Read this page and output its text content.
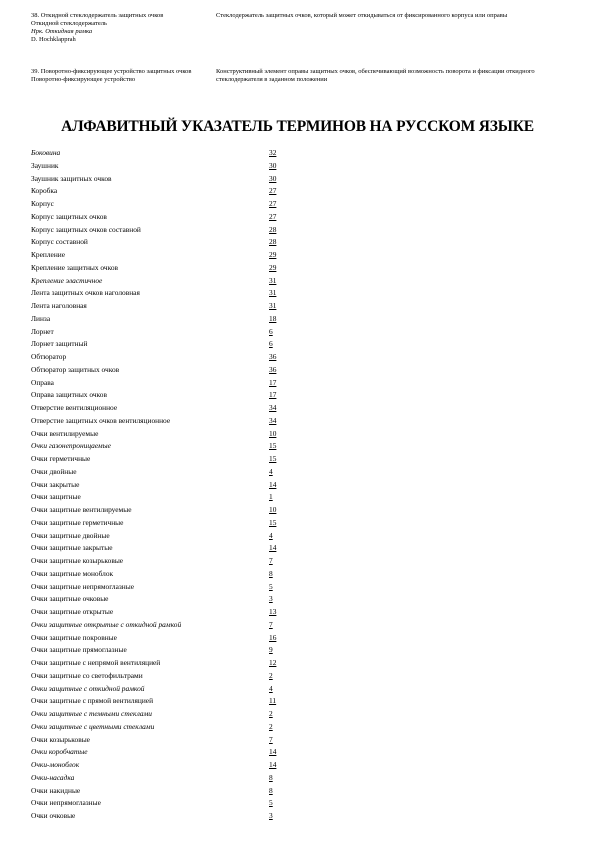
38. Откидной стеклодержатель защитных очков
Откидной стеклодержатель
Нрк. Откидная рамка
D. Hochklapprah
Стеклодержатель защитных очков, который может откидываться от фиксированного корпуса или оправы
39. Поворотно-фиксирующее устройство защитных очков
Поворотно-фиксирующее устройство
Конструктивный элемент оправы защитных очков, обеспечивающий возможность поворота и фиксации откидного стеклодержателя в заданном положении
АЛФАВИТНЫЙ УКАЗАТЕЛЬ ТЕРМИНОВ НА РУССКОМ ЯЗЫКЕ
Боковина	32
Заушник	30
Заушник защитных очков	30
Коробка	27
Корпус	27
Корпус защитных очков	27
Корпус защитных очков составной	28
Корпус составной	28
Крепление	29
Крепление защитных очков	29
Крепление эластичное	31
Лента защитных очков наголовная	31
Лента наголовная	31
Линза	18
Лорнет	6
Лорнет защитный	6
Обтюратор	36
Обтюратор защитных очков	36
Оправа	17
Оправа защитных очков	17
Отверстие вентиляционное	34
Отверстие защитных очков вентиляционное	34
Очки вентилируемые	10
Очки газонепроницаемые	15
Очки герметичные	15
Очки двойные	4
Очки закрытые	14
Очки защитные	1
Очки защитные вентилируемые	10
Очки защитные герметичные	15
Очки защитные двойные	4
Очки защитные закрытые	14
Очки защитные козырьковые	7
Очки защитные моноблок	8
Очки защитные непрямоглазные	5
Очки защитные очковые	3
Очки защитные открытые	13
Очки защитные открытые с откидной рамкой	7
Очки защитные покровные	16
Очки защитные прямоглазные	9
Очки защитные с непрямой вентиляцией	12
Очки защитные со светофильтрами	2
Очки защитные с откидной рамкой	4
Очки защитные с прямой вентиляцией	11
Очки защитные с темными стеклами	2
Очки защитные с цветными стеклами	2
Очки козырьковые	7
Очки коробчатые	14
Очки-моноблок	14
Очки-насадка	8
Очки накидные	8
Очки непрямоглазные	5
Очки очковые	3
